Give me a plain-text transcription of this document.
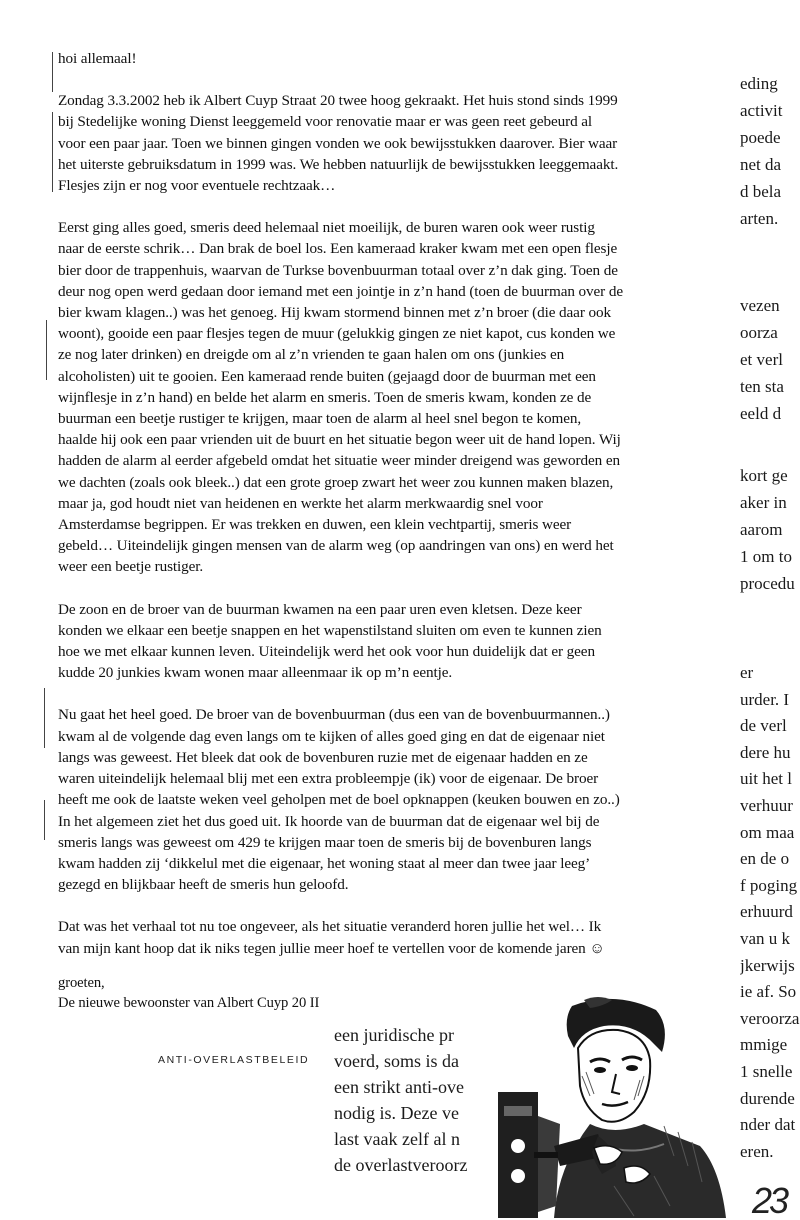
eding
activit
poede
net da
d bela
arten.
vezen
oorza
et verl
ten sta
eeld d
kort ge
aker in
aarom
1 om to
procedu
er
urder. I
de verl
dere hu
uit het l
verhuur
om maa
en de o
f poging
erhuurd
van u k
jkerwijs
ie af. So
veroorza
mmige
1 snelle
durende
nder dat
eren.
ANTI-OVERLASTBELEID
een juridische pr
voerd, soms is da
een strikt anti-ove
nodig is. Deze ve
last vaak zelf al n
de overlastveroorz

hoi allemaal!

Zondag 3.3.2002 heb ik Albert Cuyp Straat 20 twee hoog gekraakt. Het huis stond sinds 1999
bij Stedelijke woning Dienst leeggemeld voor renovatie maar er was geen reet gebeurd al
voor een paar jaar. Toen we binnen gingen vonden we ook bewijsstukken daarover. Bier waar
het uiterste gebruiksdatum in 1999 was. We hebben natuurlijk de bewijsstukken leeggemaakt.
Flesjes zijn er nog voor eventuele rechtzaak…

Eerst ging alles goed, smeris deed helemaal niet moeilijk, de buren waren ook weer rustig
naar de eerste schrik… Dan brak de boel los. Een kameraad kraker kwam met een open flesje
bier door de trappenhuis, waarvan de Turkse bovenbuurman totaal over z’n dak ging. Toen de
deur nog open werd gedaan door iemand met een jointje in z’n hand (toen de buurman over de
bier kwam klagen..) was het genoeg. Hij kwam stormend binnen met z’n broer (die daar ook
woont), gooide een paar flesjes tegen de muur (gelukkig gingen ze niet kapot, cus konden we
ze nog later drinken) en dreigde om al z’n vrienden te gaan halen om ons (junkies en
alcoholisten) uit te gooien. Een kameraad rende buiten (gejaagd door de buurman met een
wijnflesje in z’n hand) en belde het alarm en smeris. Toen de smeris kwam, konden ze de
buurman een beetje rustiger te krijgen, maar toen de alarm al heel snel begon te komen,
haalde hij ook een paar vrienden uit de buurt en het situatie begon weer uit de hand lopen. Wij
hadden de alarm al eerder afgebeld omdat het situatie weer minder dreigend was geworden en
we dachten (zoals ook bleek..) dat een grote groep zwart het weer zou kunnen maken blazen,
maar ja, god houdt niet van heidenen en werkte het alarm merkwaardig snel voor
Amsterdamse begrippen. Er was trekken en duwen, een klein vechtpartij, smeris weer
gebeld… Uiteindelijk gingen mensen van de alarm weg (op aandringen van ons) en werd het
weer een beetje rustiger.

De zoon en de broer van de buurman kwamen na een paar uren even kletsen. Deze keer
konden we elkaar een beetje snappen en het wapenstilstand sluiten om even te kunnen zien
hoe we met elkaar kunnen leven. Uiteindelijk werd het ook voor hun duidelijk dat er geen
kudde 20 junkies kwam wonen maar alleenmaar ik op m’n eentje.

Nu gaat het heel goed. De broer van de bovenbuurman (dus een van de bovenbuurmannen..)
kwam al de volgende dag even langs om te kijken of alles goed ging en dat de eigenaar niet
langs was geweest. Het bleek dat ook de bovenburen ruzie met de eigenaar hadden en ze
waren uiteindelijk helemaal blij met een extra probleempje (ik) voor de eigenaar. De broer
heeft me ook de laatste weken veel geholpen met de boel opknappen (keuken bouwen en zo..)
In het algemeen ziet het dus goed uit. Ik hoorde van de buurman dat de eigenaar wel bij de
smeris langs was geweest om 429 te krijgen maar toen de smeris bij de bovenburen langs
kwam hadden zij ‘dikkelul met die eigenaar, het woning staat al meer dan twee jaar leeg’
gezegd en blijkbaar heeft de smeris hun geloofd.

Dat was het verhaal tot nu toe ongeveer, als het situatie veranderd horen jullie het wel… Ik
van mijn kant hoop dat ik niks tegen jullie meer hoef te vertellen voor de komende jaren ☺

groeten,

De nieuwe bewoonster van Albert Cuyp 20 II

23
